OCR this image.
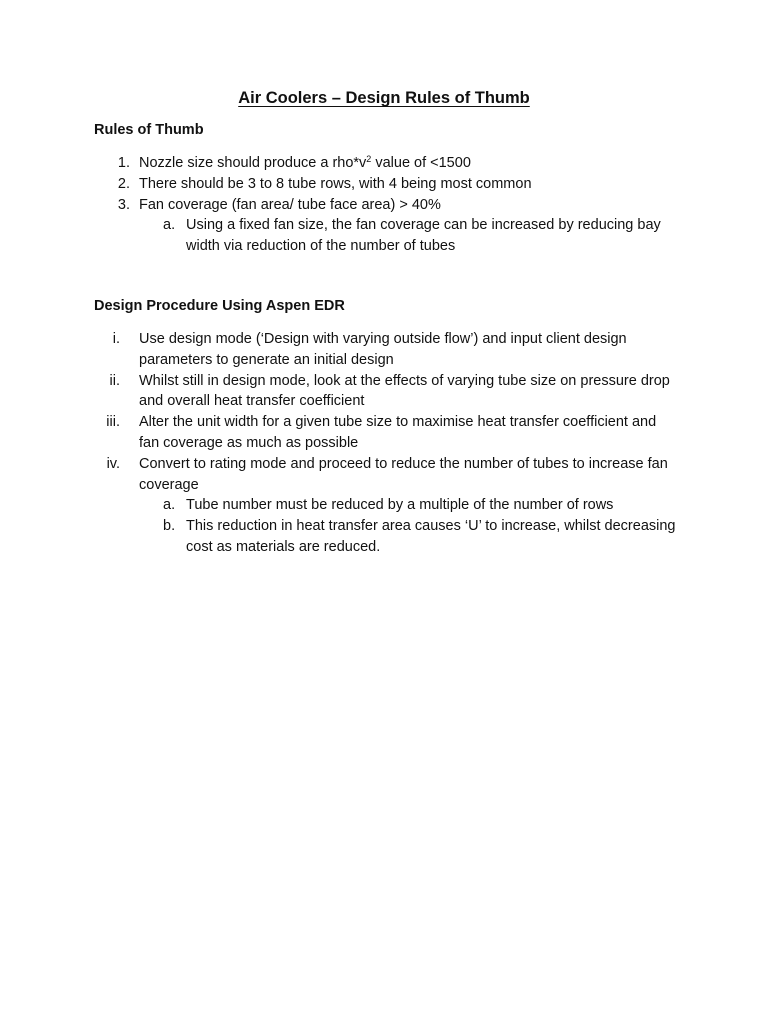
Air Coolers – Design Rules of Thumb
Rules of Thumb
1. Nozzle size should produce a $rho*v^2$ value of <1500
2. There should be 3 to 8 tube rows, with 4 being most common
3. Fan coverage (fan area/ tube face area) > 40%
a. Using a fixed fan size, the fan coverage can be increased by reducing bay width via reduction of the number of tubes
Design Procedure Using Aspen EDR
i. Use design mode (‘Design with varying outside flow’) and input client design parameters to generate an initial design
ii. Whilst still in design mode, look at the effects of varying tube size on pressure drop and overall heat transfer coefficient
iii. Alter the unit width for a given tube size to maximise heat transfer coefficient and fan coverage as much as possible
iv. Convert to rating mode and proceed to reduce the number of tubes to increase fan coverage
a. Tube number must be reduced by a multiple of the number of rows
b. This reduction in heat transfer area causes ‘U’ to increase, whilst decreasing cost as materials are reduced.
